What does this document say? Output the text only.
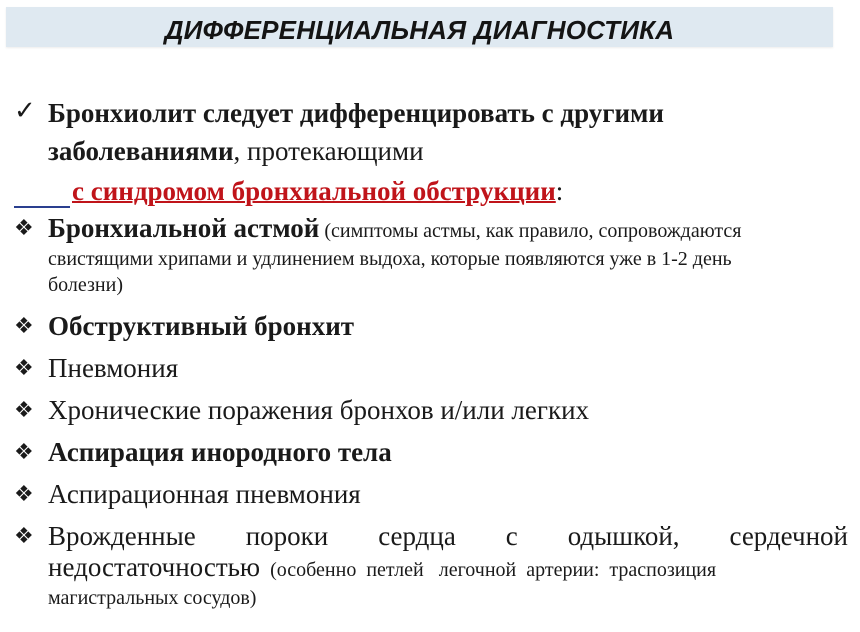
ДИФФЕРЕНЦИАЛЬНАЯ ДИАГНОСТИКА
✓ Бронхиолит следует дифференцировать с другими
заболеваниями, протекающими
с синдромом бронхиальной обструкции:
❖ Бронхиальной астмой (симптомы астмы, как правило, сопровождаются
свистящими хрипами и удлинением выдоха, которые появляются уже в 1-2 день
болезни)
❖ Обструктивный бронхит
❖ Пневмония
❖ Хронические поражения бронхов и/или легких
❖ Аспирация инородного тела
❖ Аспирационная пневмония
❖ Врожденные пороки сердца с одышкой, сердечной
недостаточностью  (особенно  петлей   легочной  артерии:  траспозиция
магистральных сосудов)
